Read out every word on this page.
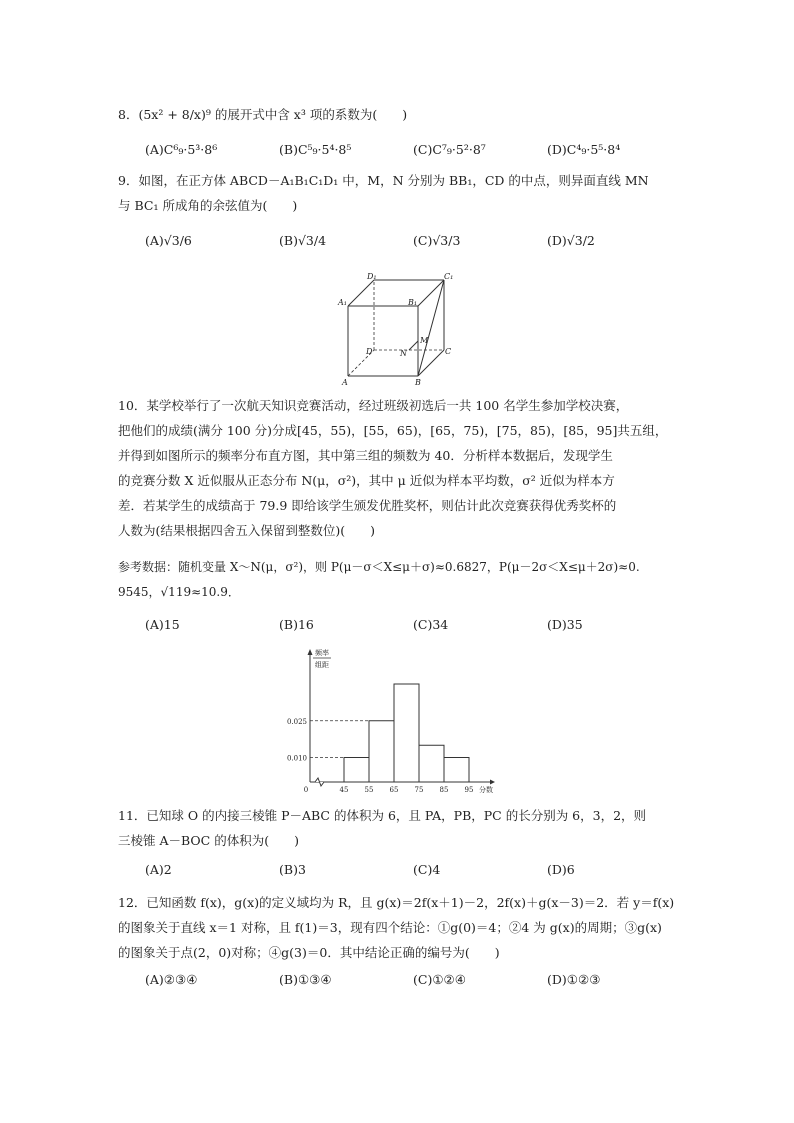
8．(5x² + 8/x)⁹ 的展开式中含 x³ 项的系数为(　　)
(A)C⁶₉·5³·8⁶	(B)C⁵₉·5⁴·8⁵	(C)C⁷₉·5²·8⁷	(D)C⁴₉·5⁵·8⁴
9．如图，在正方体 ABCD－A₁B₁C₁D₁ 中，M，N 分别为 BB₁，CD 的中点，则异面直线 MN
与 BC₁ 所成角的余弦值为(　　)
(A)√3/6	(B)√3/4	(C)√3/3	(D)√3/2
D₁	C₁
A₁	B₁
D	C
A	B
M
N
10．某学校举行了一次航天知识竞赛活动，经过班级初选后一共 100 名学生参加学校决赛，
把他们的成绩(满分 100 分)分成[45，55)，[55，65)，[65，75)，[75，85)，[85，95]共五组，
并得到如图所示的频率分布直方图，其中第三组的频数为 40．分析样本数据后，发现学生
的竞赛分数 X 近似服从正态分布 N(μ，σ²)，其中 μ 近似为样本平均数，σ² 近似为样本方
差．若某学生的成绩高于 79.9 即给该学生颁发优胜奖杯，则估计此次竞赛获得优秀奖杯的
人数为(结果根据四舍五入保留到整数位)(　　)
参考数据：随机变量 X～N(μ，σ²)，则 P(μ－σ＜X≤μ＋σ)≈0.6827，P(μ－2σ＜X≤μ＋2σ)≈0.
9545，√119≈10.9．
(A)15	(B)16	(C)34	(D)35
0.025
0.010
45 55 65 75 85 95
0	分数
频率
组距
11．已知球 O 的内接三棱锥 P－ABC 的体积为 6，且 PA，PB，PC 的长分别为 6，3，2，则
三棱锥 A－BOC 的体积为(　　)
(A)2	(B)3	(C)4	(D)6
12．已知函数 f(x)，g(x)的定义域均为 R，且 g(x)＝2f(x＋1)－2，2f(x)＋g(x－3)＝2．若 y＝f(x)
的图象关于直线 x＝1 对称，且 f(1)＝3，现有四个结论：①g(0)＝4；②4 为 g(x)的周期；③g(x)
的图象关于点(2，0)对称；④g(3)＝0．其中结论正确的编号为(　　)
(A)②③④	(B)①③④	(C)①②④	(D)①②③
